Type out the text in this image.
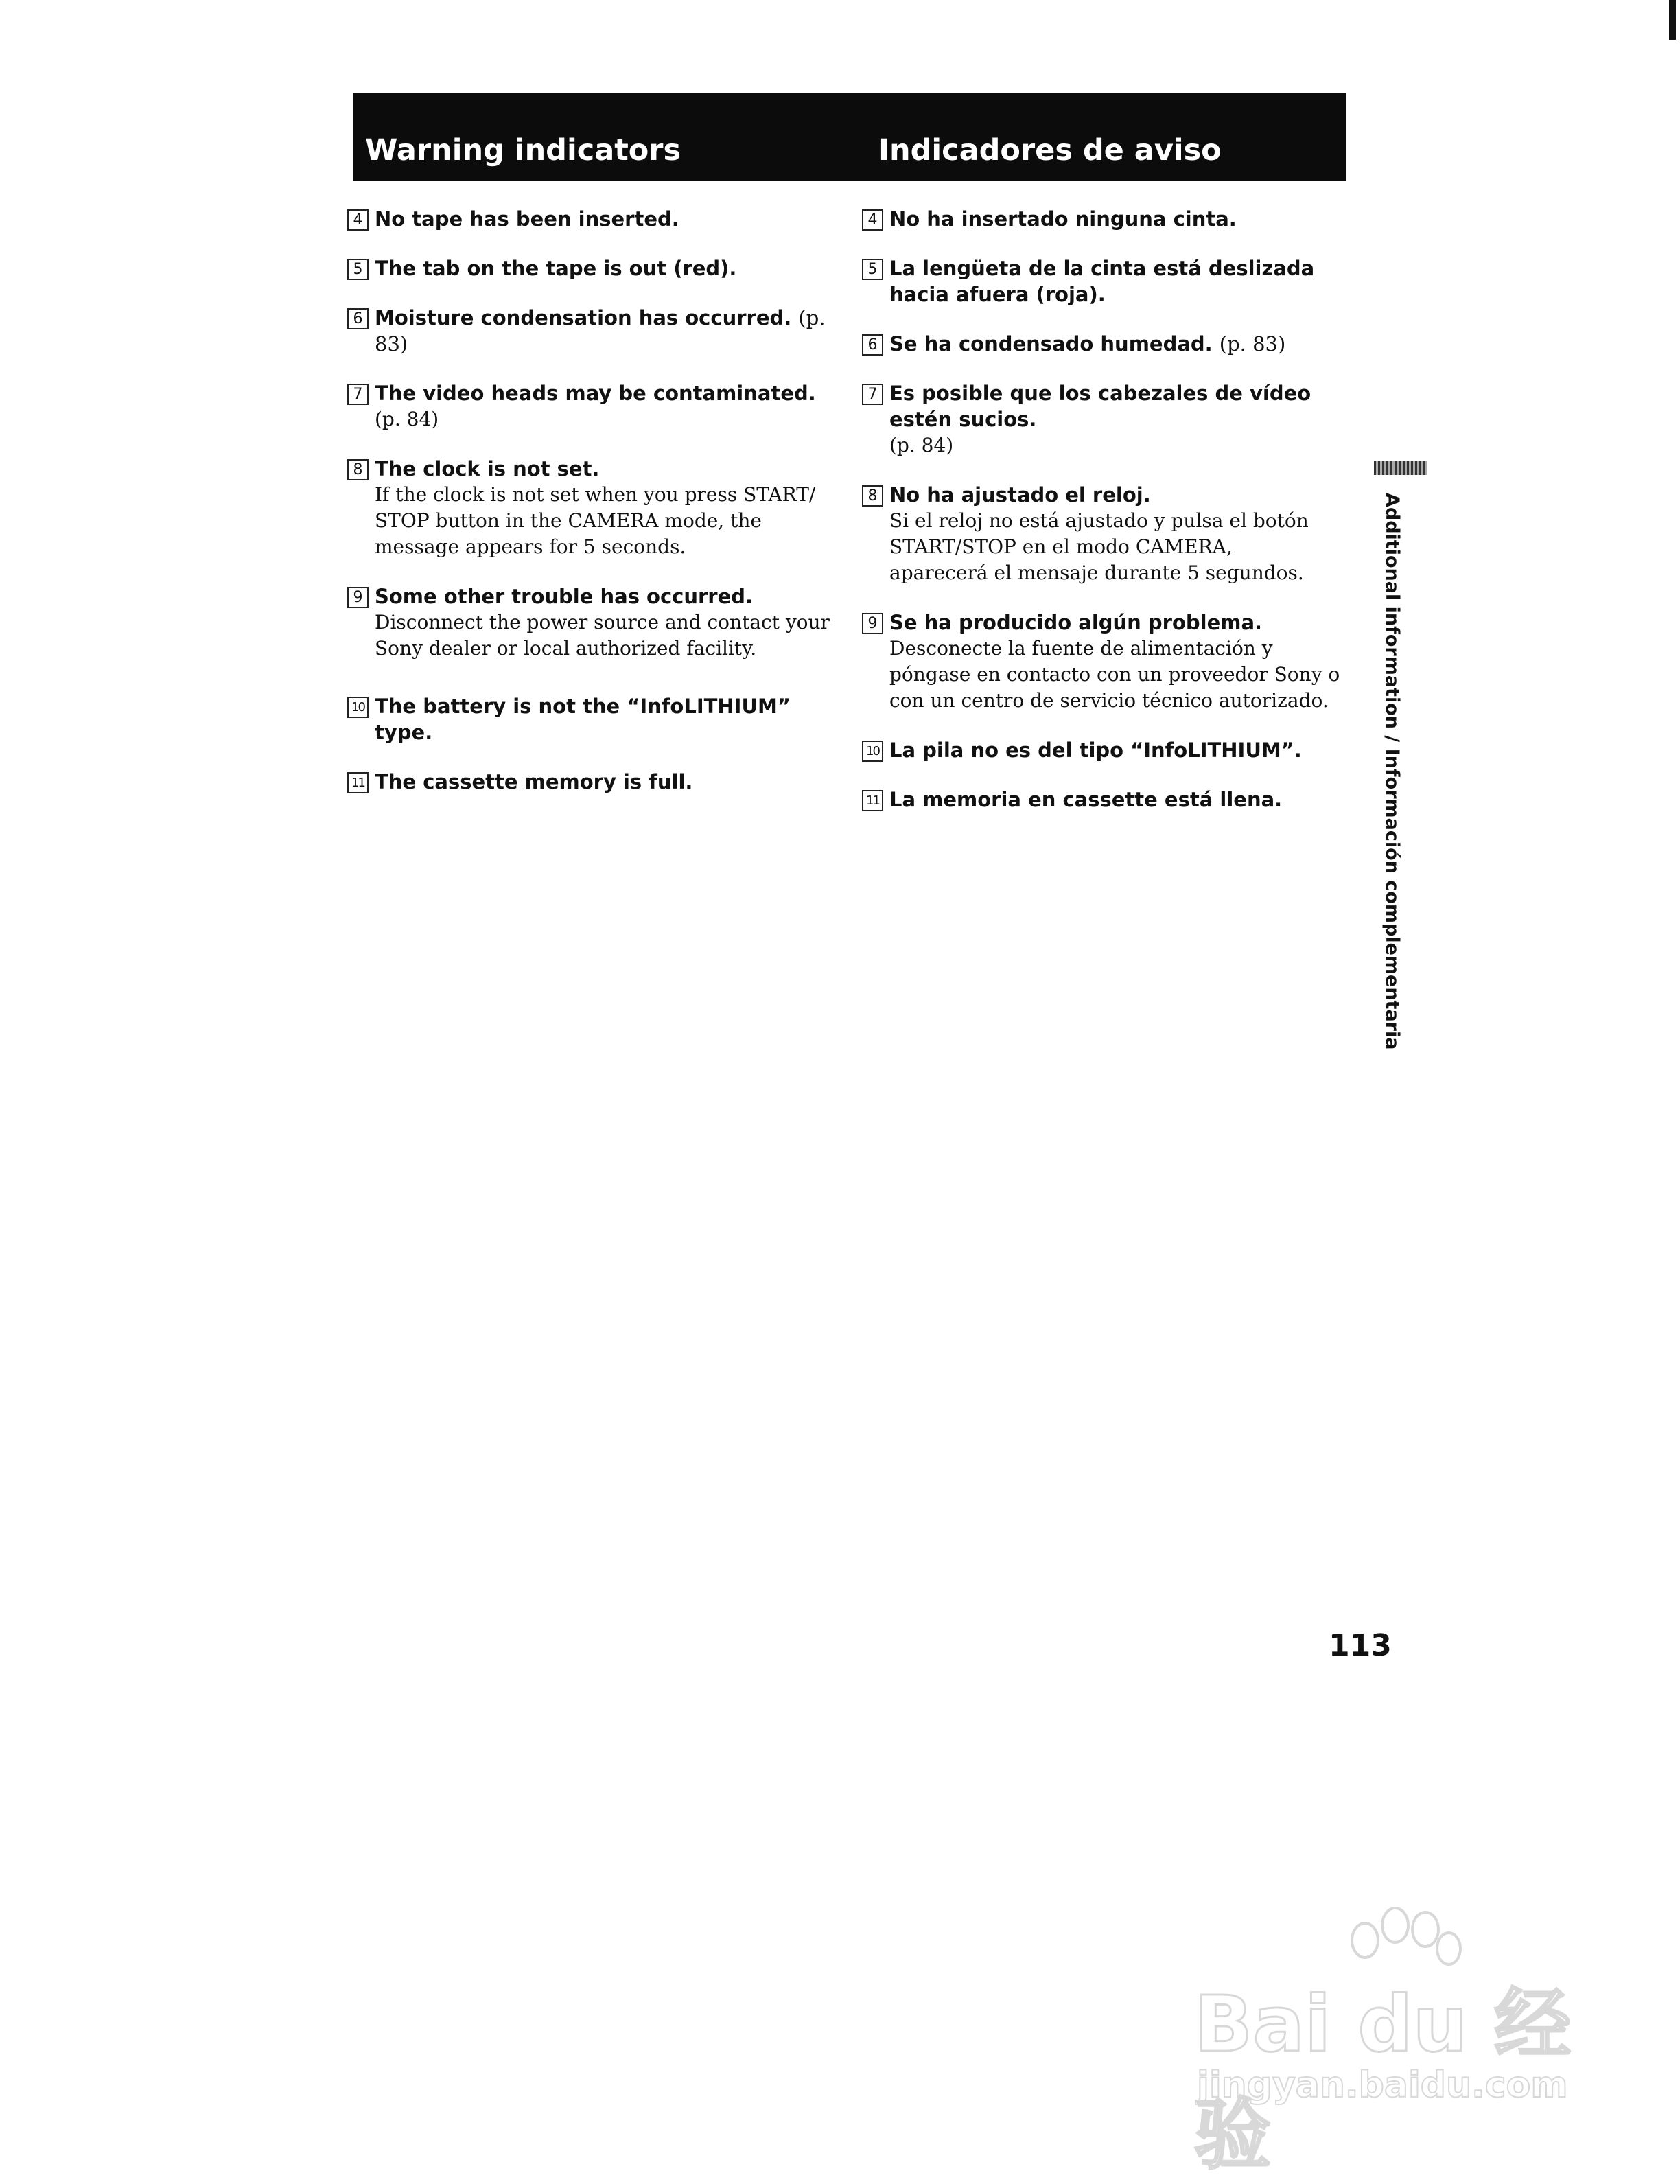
Warning indicators	Indicadores de aviso
4 No tape has been inserted.
5 The tab on the tape is out (red).
6 Moisture condensation has occurred. (p. 83)
7 The video heads may be contaminated.

(p. 84)

8 The clock is not set.

If the clock is not set when you press START/ STOP button in the CAMERA mode, the message appears for 5 seconds.

9 Some other trouble has occurred.

Disconnect the power source and contact your Sony dealer or local authorized facility.

10 The battery is not the “InfoLITHIUM” type.
11 The cassette memory is full.
4 No ha insertado ninguna cinta.
5 La lengüeta de la cinta está deslizada hacia afuera (roja).
6 Se ha condensado humedad. (p. 83)
7 Es posible que los cabezales de vídeo estén sucios.

(p. 84)

8 No ha ajustado el reloj.

Si el reloj no está ajustado y pulsa el botón START/STOP en el modo CAMERA, aparecerá el mensaje durante 5 segundos.

9 Se ha producido algún problema.

Desconecte la fuente de alimentación y póngase en contacto con un proveedor Sony o con un centro de servicio técnico autorizado.

10 La pila no es del tipo “InfoLITHIUM”.
11 La memoria en cassette está llena.	Additional information / Información complementaria
113
Bai du 经验
jingyan.baidu.com
